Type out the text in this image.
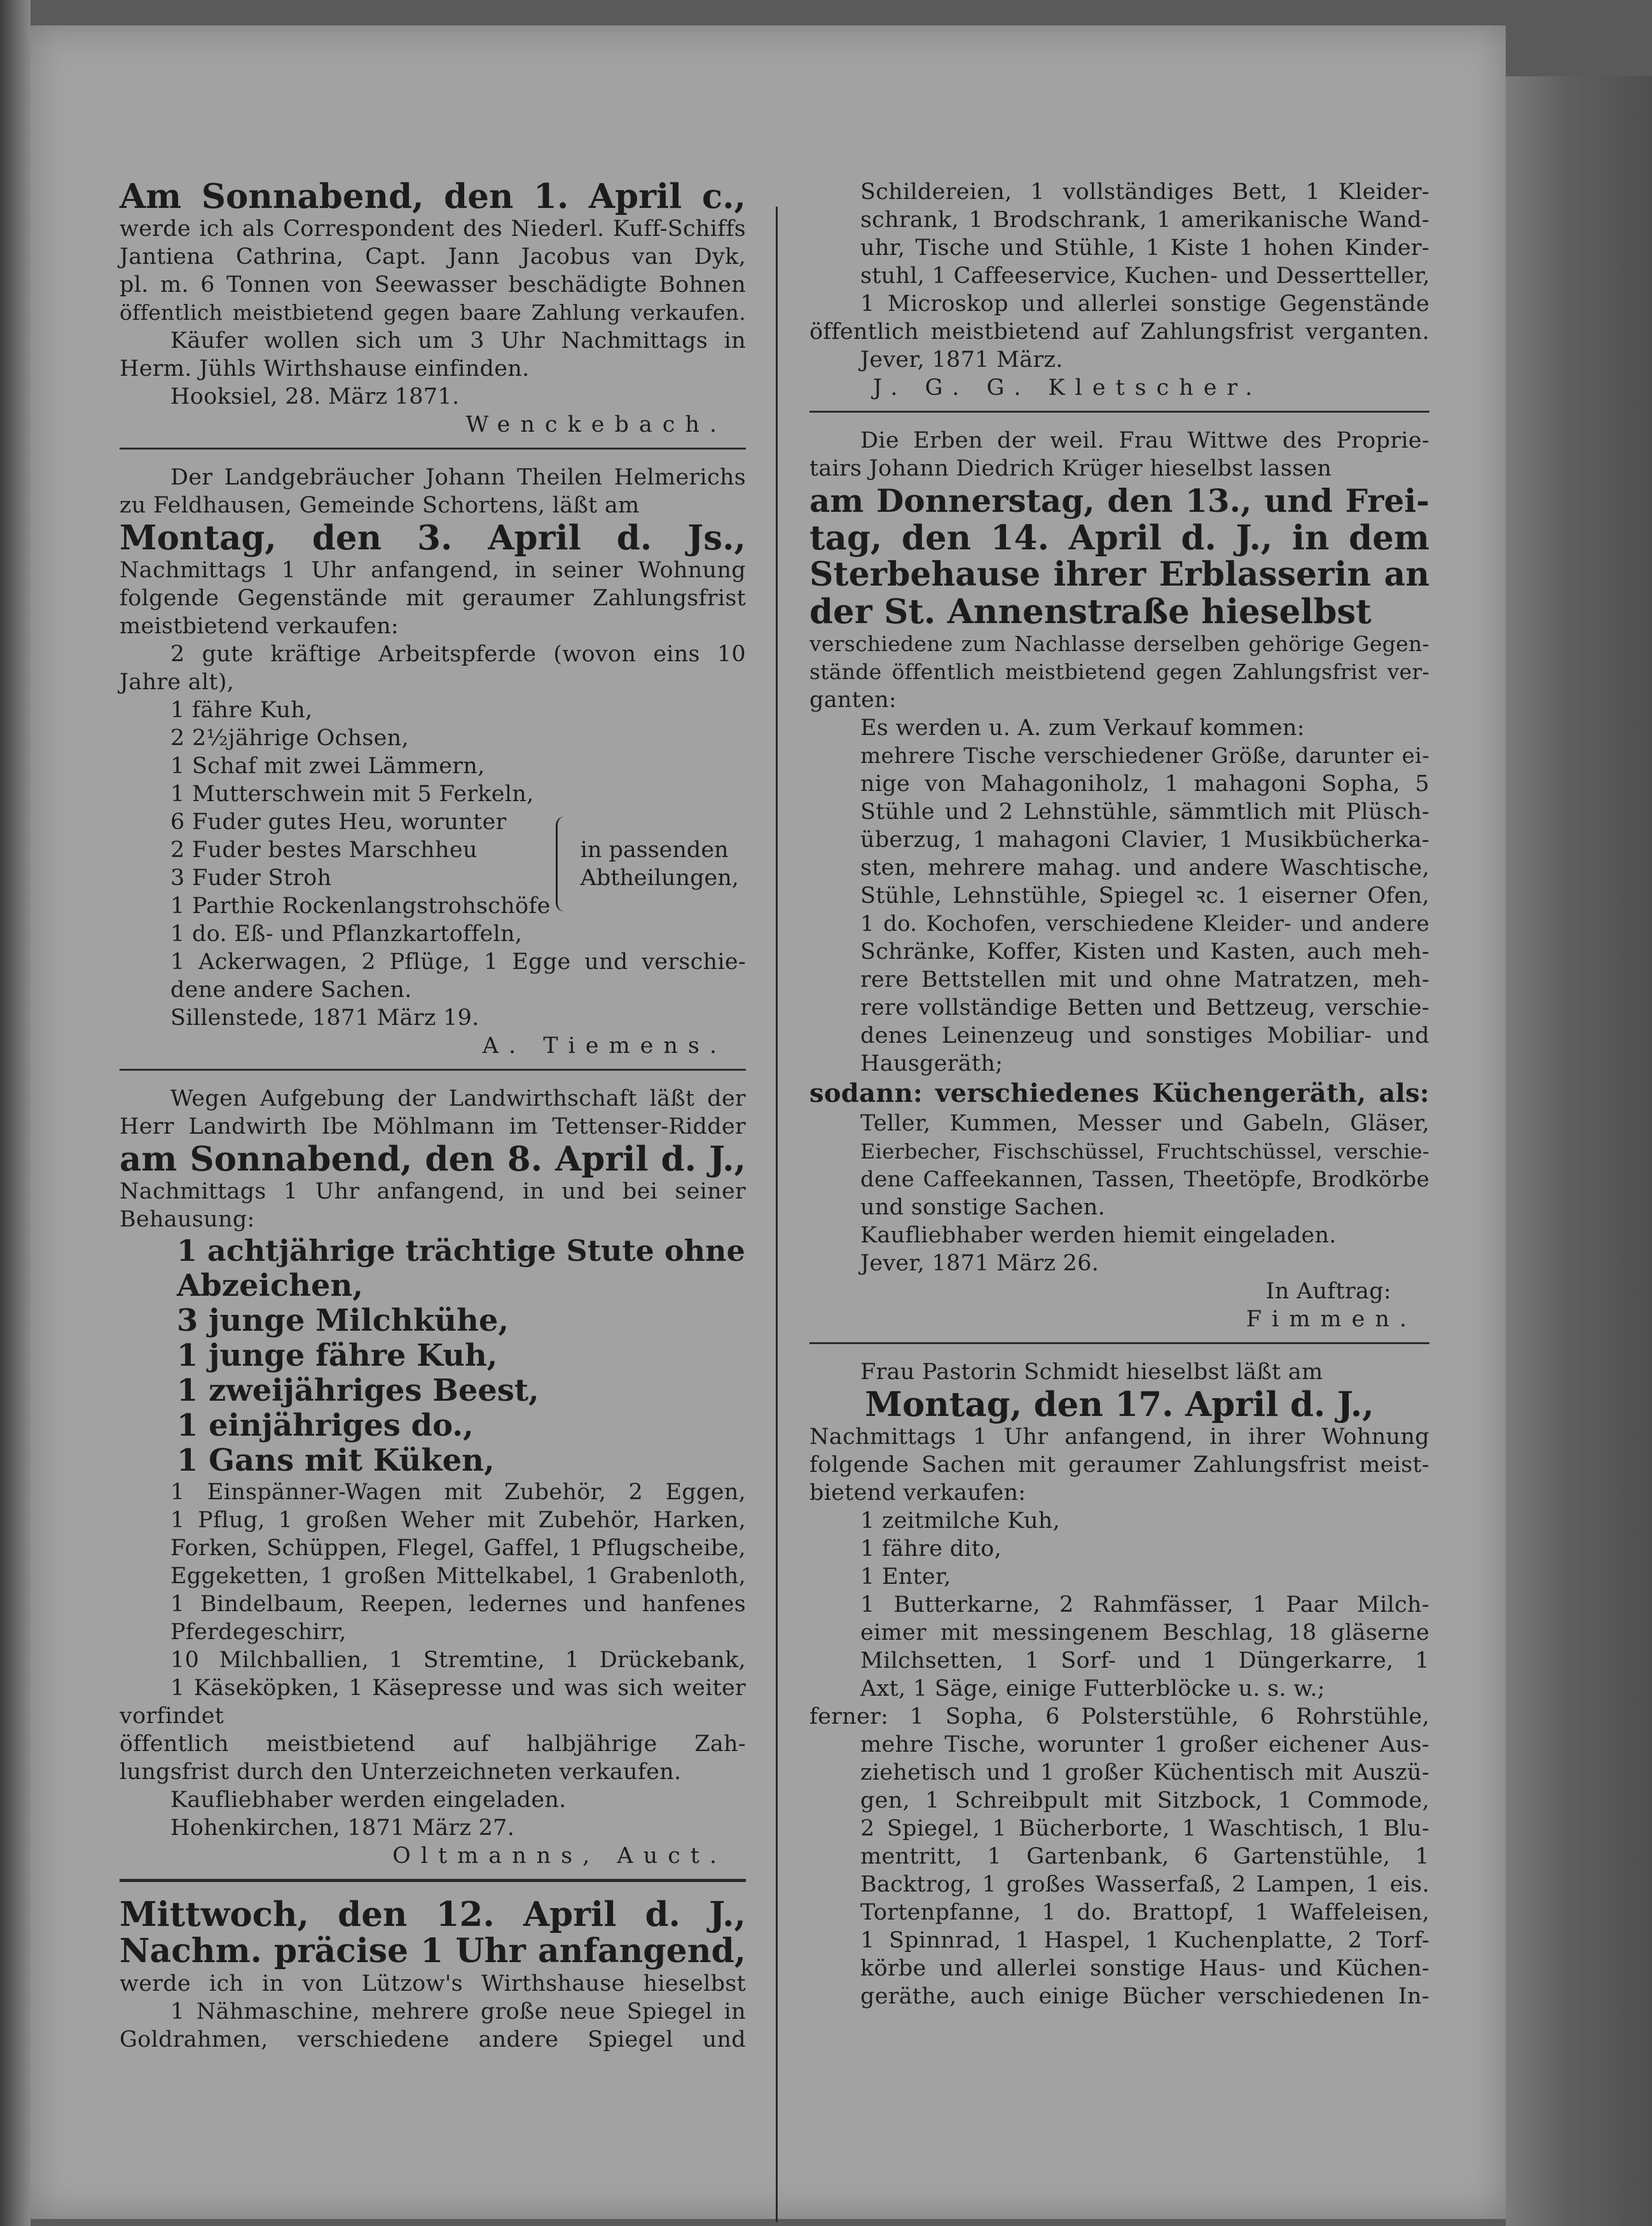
Am Sonnabend, den 1. April c.,
werde ich als Correspondent des Niederl. Kuff-Schiffs
Jantiena Cathrina, Capt. Jann Jacobus van Dyk,
pl. m. 6 Tonnen von Seewasser beschädigte Bohnen
öffentlich meistbietend gegen baare Zahlung verkaufen.
Käufer wollen sich um 3 Uhr Nachmittags in
Herm. Jühls Wirthshause einfinden.
Hooksiel, 28. März 1871.
Wenckebach.
Der Landgebräucher Johann Theilen Helmerichs
zu Feldhausen, Gemeinde Schortens, läßt am
Montag, den 3. April d. Js.,
Nachmittags 1 Uhr anfangend, in seiner Wohnung
folgende Gegenstände mit geraumer Zahlungsfrist
meistbietend verkaufen:
2 gute kräftige Arbeitspferde (wovon eins 10
Jahre alt),
1 fähre Kuh,
2 2½jährige Ochsen,
1 Schaf mit zwei Lämmern,
1 Mutterschwein mit 5 Ferkeln,
6 Fuder gutes Heu, worunter
2 Fuder bestes Marschheu
3 Fuder Stroh
1 Parthie Rockenlangstrohschöfe
in passenden
Abtheilungen,
1 do. Eß- und Pflanzkartoffeln,
1 Ackerwagen, 2 Pflüge, 1 Egge und verschie-
dene andere Sachen.
Sillenstede, 1871 März 19.
A. Tiemens.
Wegen Aufgebung der Landwirthschaft läßt der
Herr Landwirth Ibe Möhlmann im Tettenser-Ridder
am Sonnabend, den 8. April d. J.,
Nachmittags 1 Uhr anfangend, in und bei seiner
Behausung:
1 achtjährige trächtige Stute ohne
Abzeichen,
3 junge Milchkühe,
1 junge fähre Kuh,
1 zweijähriges Beest,
1 einjähriges do.,
1 Gans mit Küken,
1 Einspänner-Wagen mit Zubehör, 2 Eggen,
1 Pflug, 1 großen Weher mit Zubehör, Harken,
Forken, Schüppen, Flegel, Gaffel, 1 Pflugscheibe,
Eggeketten, 1 großen Mittelkabel, 1 Grabenloth,
1 Bindelbaum, Reepen, ledernes und hanfenes
Pferdegeschirr,
10 Milchballien, 1 Stremtine, 1 Drückebank,
1 Käseköpken, 1 Käsepresse und was sich weiter
vorfindet
öffentlich meistbietend auf halbjährige Zah-
lungsfrist durch den Unterzeichneten verkaufen.
Kaufliebhaber werden eingeladen.
Hohenkirchen, 1871 März 27.
Oltmanns, Auct.
Mittwoch, den 12. April d. J.,
Nachm. präcise 1 Uhr anfangend,
werde ich in von Lützow's Wirthshause hieselbst
1 Nähmaschine, mehrere große neue Spiegel in
Goldrahmen, verschiedene andere Spiegel und
Schildereien, 1 vollständiges Bett, 1 Kleider-
schrank, 1 Brodschrank, 1 amerikanische Wand-
uhr, Tische und Stühle, 1 Kiste 1 hohen Kinder-
stuhl, 1 Caffeeservice, Kuchen- und Dessertteller,
1 Microskop und allerlei sonstige Gegenstände
öffentlich meistbietend auf Zahlungsfrist verganten.
Jever, 1871 März.
J. G. G. Kletscher.
Die Erben der weil. Frau Wittwe des Proprie-
tairs Johann Diedrich Krüger hieselbst lassen
am Donnerstag, den 13., und Frei-
tag, den 14. April d. J., in dem
Sterbehause ihrer Erblasserin an
der St. Annenstraße hieselbst
verschiedene zum Nachlasse derselben gehörige Gegen-
stände öffentlich meistbietend gegen Zahlungsfrist ver-
ganten:
Es werden u. A. zum Verkauf kommen:
mehrere Tische verschiedener Größe, darunter ei-
nige von Mahagoniholz, 1 mahagoni Sopha, 5
Stühle und 2 Lehnstühle, sämmtlich mit Plüsch-
überzug, 1 mahagoni Clavier, 1 Musikbücherka-
sten, mehrere mahag. und andere Waschtische,
Stühle, Lehnstühle, Spiegel ꝛc. 1 eiserner Ofen,
1 do. Kochofen, verschiedene Kleider- und andere
Schränke, Koffer, Kisten und Kasten, auch meh-
rere Bettstellen mit und ohne Matratzen, meh-
rere vollständige Betten und Bettzeug, verschie-
denes Leinenzeug und sonstiges Mobiliar- und
Hausgeräth;
sodann: verschiedenes Küchengeräth, als:
Teller, Kummen, Messer und Gabeln, Gläser,
Eierbecher, Fischschüssel, Fruchtschüssel, verschie-
dene Caffeekannen, Tassen, Theetöpfe, Brodkörbe
und sonstige Sachen.
Kaufliebhaber werden hiemit eingeladen.
Jever, 1871 März 26.
In Auftrag:
Fimmen.
Frau Pastorin Schmidt hieselbst läßt am
Montag, den 17. April d. J.,
Nachmittags 1 Uhr anfangend, in ihrer Wohnung
folgende Sachen mit geraumer Zahlungsfrist meist-
bietend verkaufen:
1 zeitmilche Kuh,
1 fähre dito,
1 Enter,
1 Butterkarne, 2 Rahmfässer, 1 Paar Milch-
eimer mit messingenem Beschlag, 18 gläserne
Milchsetten, 1 Sorf- und 1 Düngerkarre, 1
Axt, 1 Säge, einige Futterblöcke u. s. w.;
ferner: 1 Sopha, 6 Polsterstühle, 6 Rohrstühle,
mehre Tische, worunter 1 großer eichener Aus-
ziehetisch und 1 großer Küchentisch mit Auszü-
gen, 1 Schreibpult mit Sitzbock, 1 Commode,
2 Spiegel, 1 Bücherborte, 1 Waschtisch, 1 Blu-
mentritt, 1 Gartenbank, 6 Gartenstühle, 1
Backtrog, 1 großes Wasserfaß, 2 Lampen, 1 eis.
Tortenpfanne, 1 do. Brattopf, 1 Waffeleisen,
1 Spinnrad, 1 Haspel, 1 Kuchenplatte, 2 Torf-
körbe und allerlei sonstige Haus- und Küchen-
geräthe, auch einige Bücher verschiedenen In-
